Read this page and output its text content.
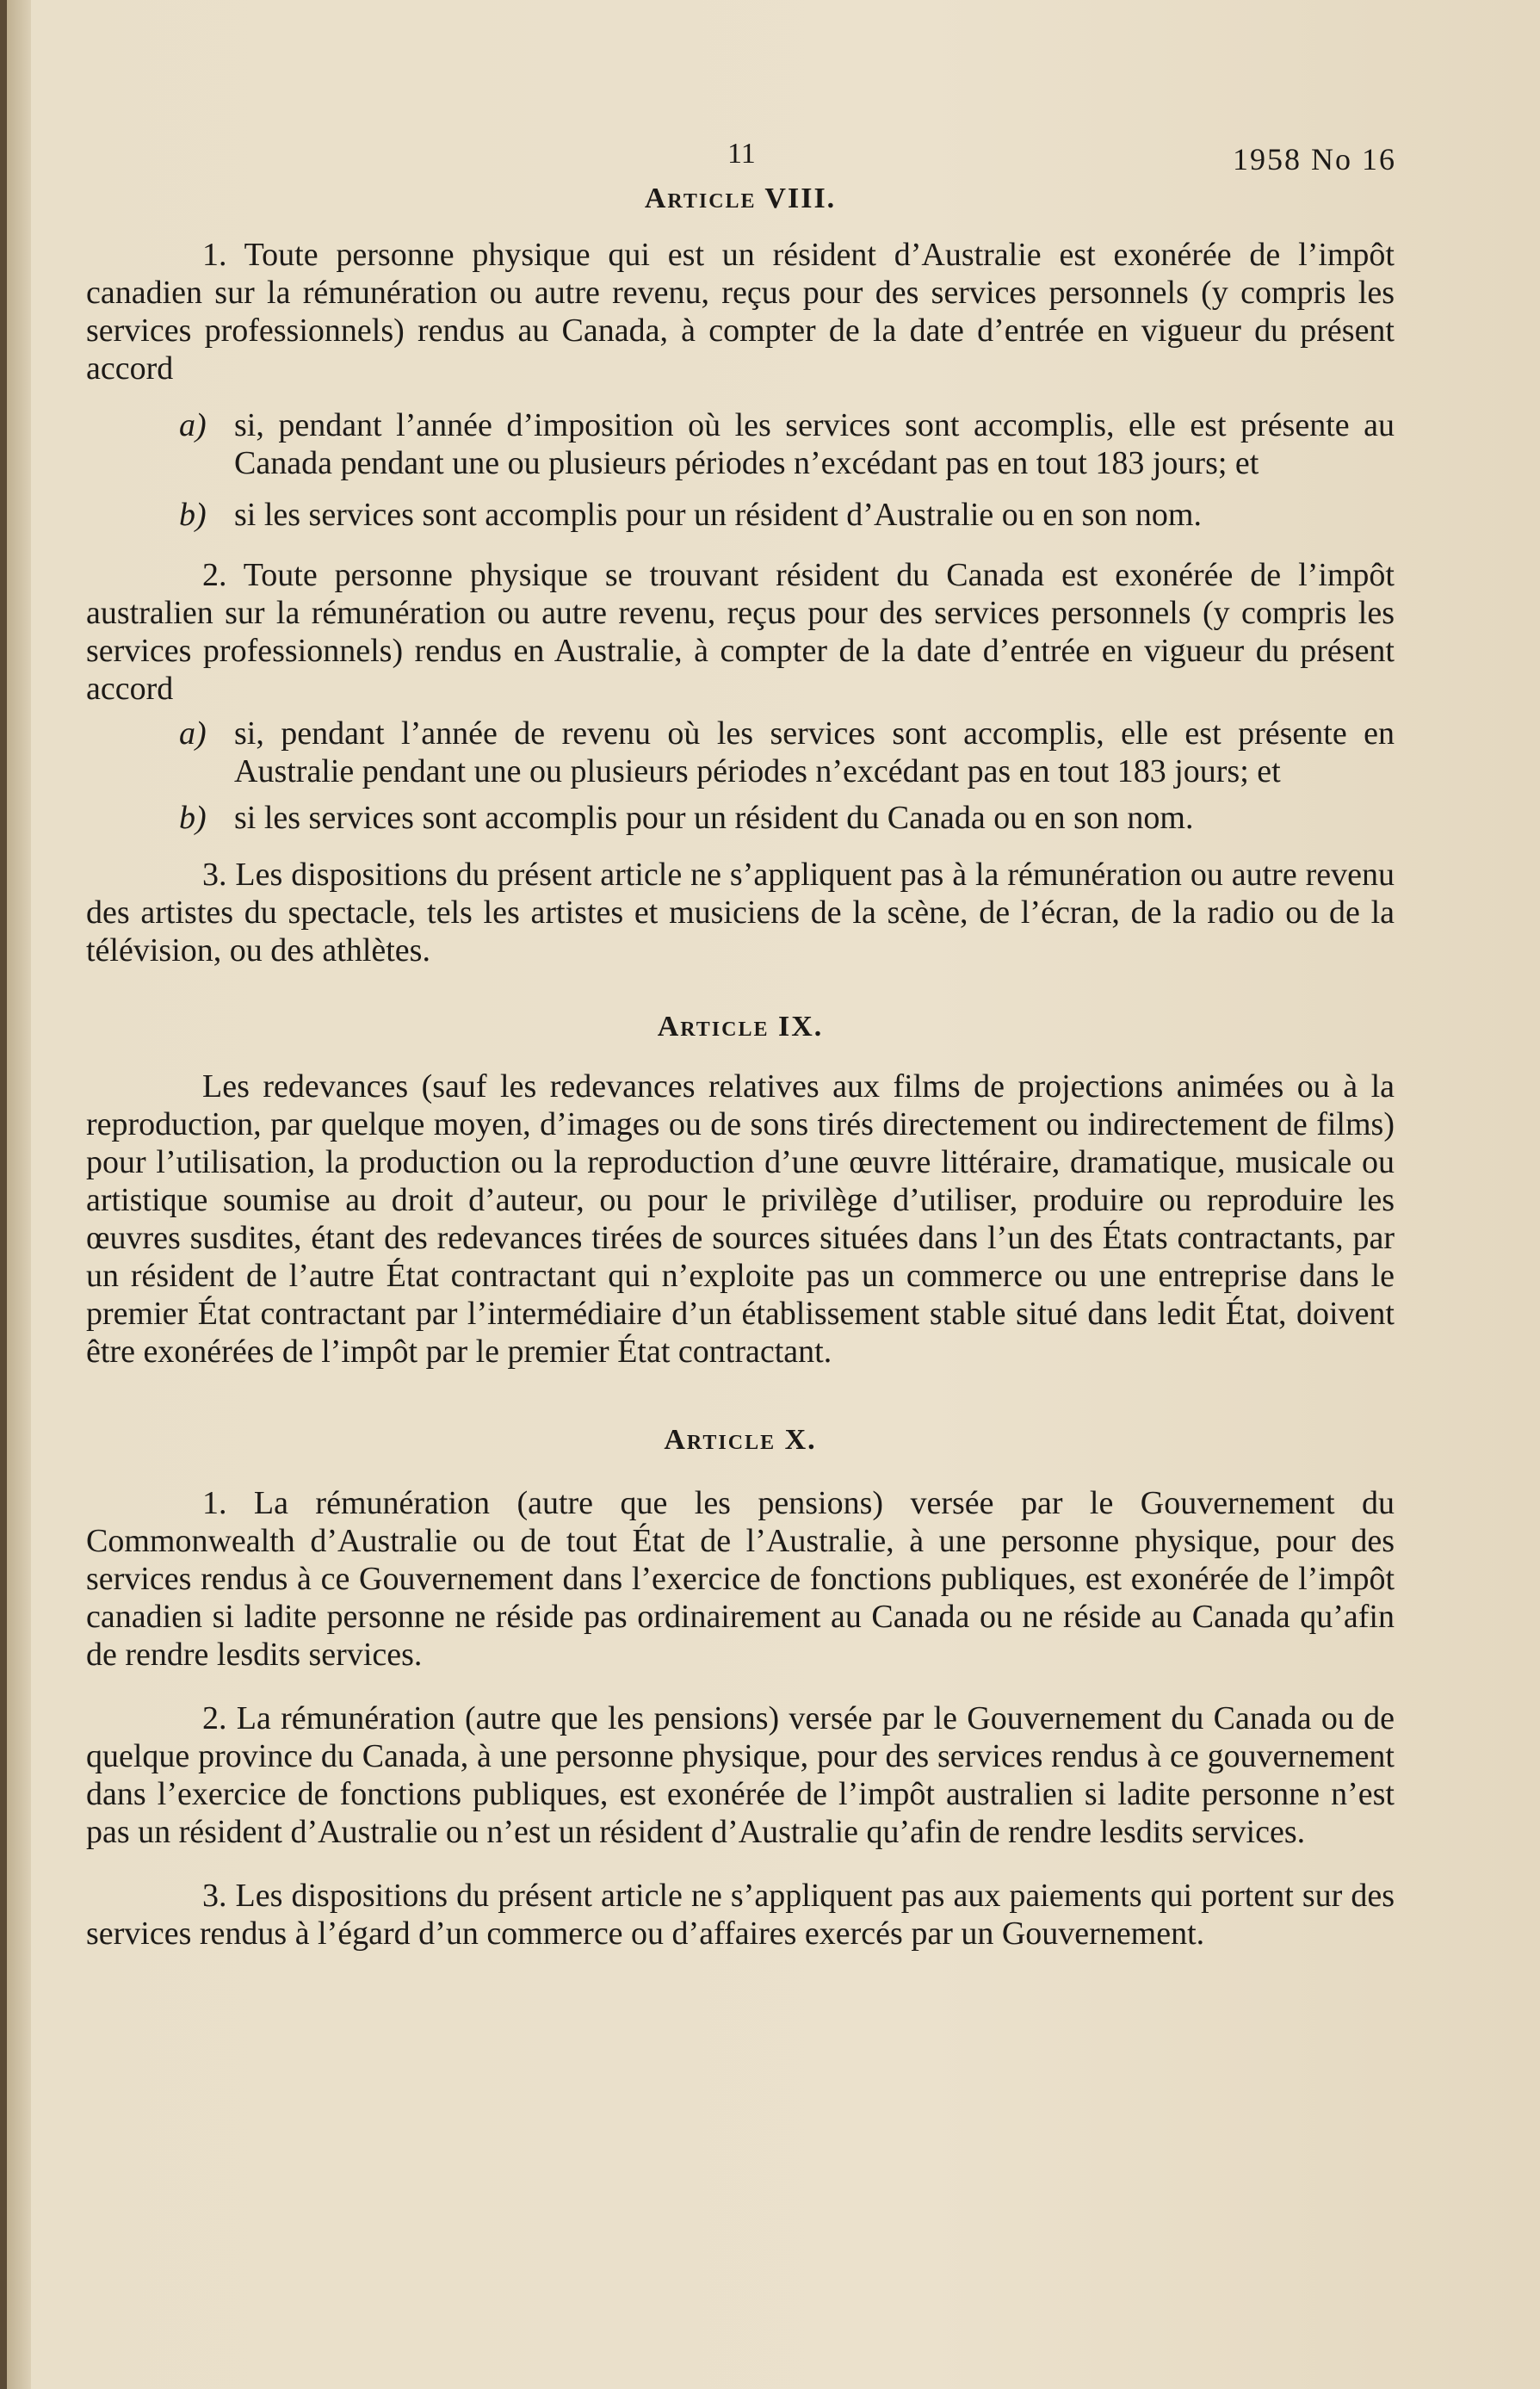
11	1958 No 16
Article VIII.

1. Toute personne physique qui est un résident d’Australie est exonérée de l’impôt canadien sur la rémunération ou autre revenu, reçus pour des services personnels (y compris les services professionnels) rendus au Canada, à compter de la date d’entrée en vigueur du présent accord

a) si, pendant l’année d’imposition où les services sont accomplis, elle est présente au Canada pendant une ou plusieurs périodes n’excédant pas en tout 183 jours; et
b) si les services sont accomplis pour un résident d’Australie ou en son nom.

2. Toute personne physique se trouvant résident du Canada est exonérée de l’impôt australien sur la rémunération ou autre revenu, reçus pour des services personnels (y compris les services professionnels) rendus en Australie, à compter de la date d’entrée en vigueur du présent accord

a) si, pendant l’année de revenu où les services sont accomplis, elle est présente en Australie pendant une ou plusieurs périodes n’excédant pas en tout 183 jours; et
b) si les services sont accomplis pour un résident du Canada ou en son nom.

3. Les dispositions du présent article ne s’appliquent pas à la rémunération ou autre revenu des artistes du spectacle, tels les artistes et musiciens de la scène, de l’écran, de la radio ou de la télévision, ou des athlètes.

Article IX.

Les redevances (sauf les redevances relatives aux films de projections animées ou à la reproduction, par quelque moyen, d’images ou de sons tirés directement ou indirectement de films) pour l’utilisation, la production ou la reproduction d’une œuvre littéraire, dramatique, musicale ou artistique soumise au droit d’auteur, ou pour le privilège d’utiliser, produire ou reproduire les œuvres susdites, étant des redevances tirées de sources situées dans l’un des États contractants, par un résident de l’autre État contractant qui n’exploite pas un commerce ou une entreprise dans le premier État contractant par l’intermédiaire d’un établissement stable situé dans ledit État, doivent être exonérées de l’impôt par le premier État contractant.

Article X.

1. La rémunération (autre que les pensions) versée par le Gouvernement du Commonwealth d’Australie ou de tout État de l’Australie, à une personne physique, pour des services rendus à ce Gouvernement dans l’exercice de fonctions publiques, est exonérée de l’impôt canadien si ladite personne ne réside pas ordinairement au Canada ou ne réside au Canada qu’afin de rendre lesdits services.

2. La rémunération (autre que les pensions) versée par le Gouvernement du Canada ou de quelque province du Canada, à une personne physique, pour des services rendus à ce gouvernement dans l’exercice de fonctions publiques, est exonérée de l’impôt australien si ladite personne n’est pas un résident d’Australie ou n’est un résident d’Australie qu’afin de rendre lesdits services.

3. Les dispositions du présent article ne s’appliquent pas aux paiements qui portent sur des services rendus à l’égard d’un commerce ou d’affaires exercés par un Gouvernement.
